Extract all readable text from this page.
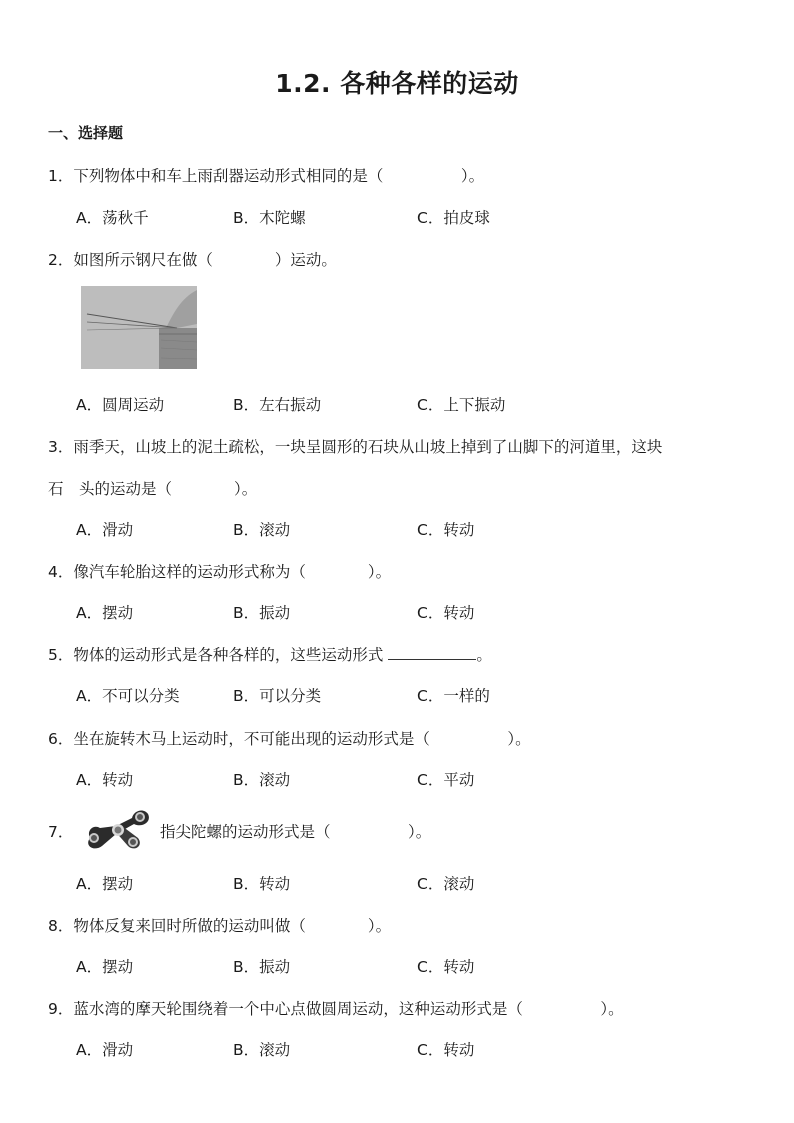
1.2. 各种各样的运动
一、选择题
1．下列物体中和车上雨刮器运动形式相同的是（　　　　　）。
A．荡秋千	B．木陀螺	C．拍皮球
2．如图所示钢尺在做（　　　　）运动。
A．圆周运动	B．左右振动	C．上下振动
3．雨季天，山坡上的泥土疏松，一块呈圆形的石块从山坡上掉到了山脚下的河道里，这块
石　头的运动是（　　　　）。
A．滑动	B．滚动	C．转动
4．像汽车轮胎这样的运动形式称为（　　　　）。
A．摆动	B．振动	C．转动
5．物体的运动形式是各种各样的，这些运动形式	。
A．不可以分类	B．可以分类	C．一样的
6．坐在旋转木马上运动时，不可能出现的运动形式是（　　　　　）。
A．转动	B．滚动	C．平动
7．	指尖陀螺的运动形式是（　　　　　）。
A．摆动	B．转动	C．滚动
8．物体反复来回时所做的运动叫做（　　　　）。
A．摆动	B．振动	C．转动
9．蓝水湾的摩天轮围绕着一个中心点做圆周运动，这种运动形式是（　　　　　）。
A．滑动	B．滚动	C．转动
